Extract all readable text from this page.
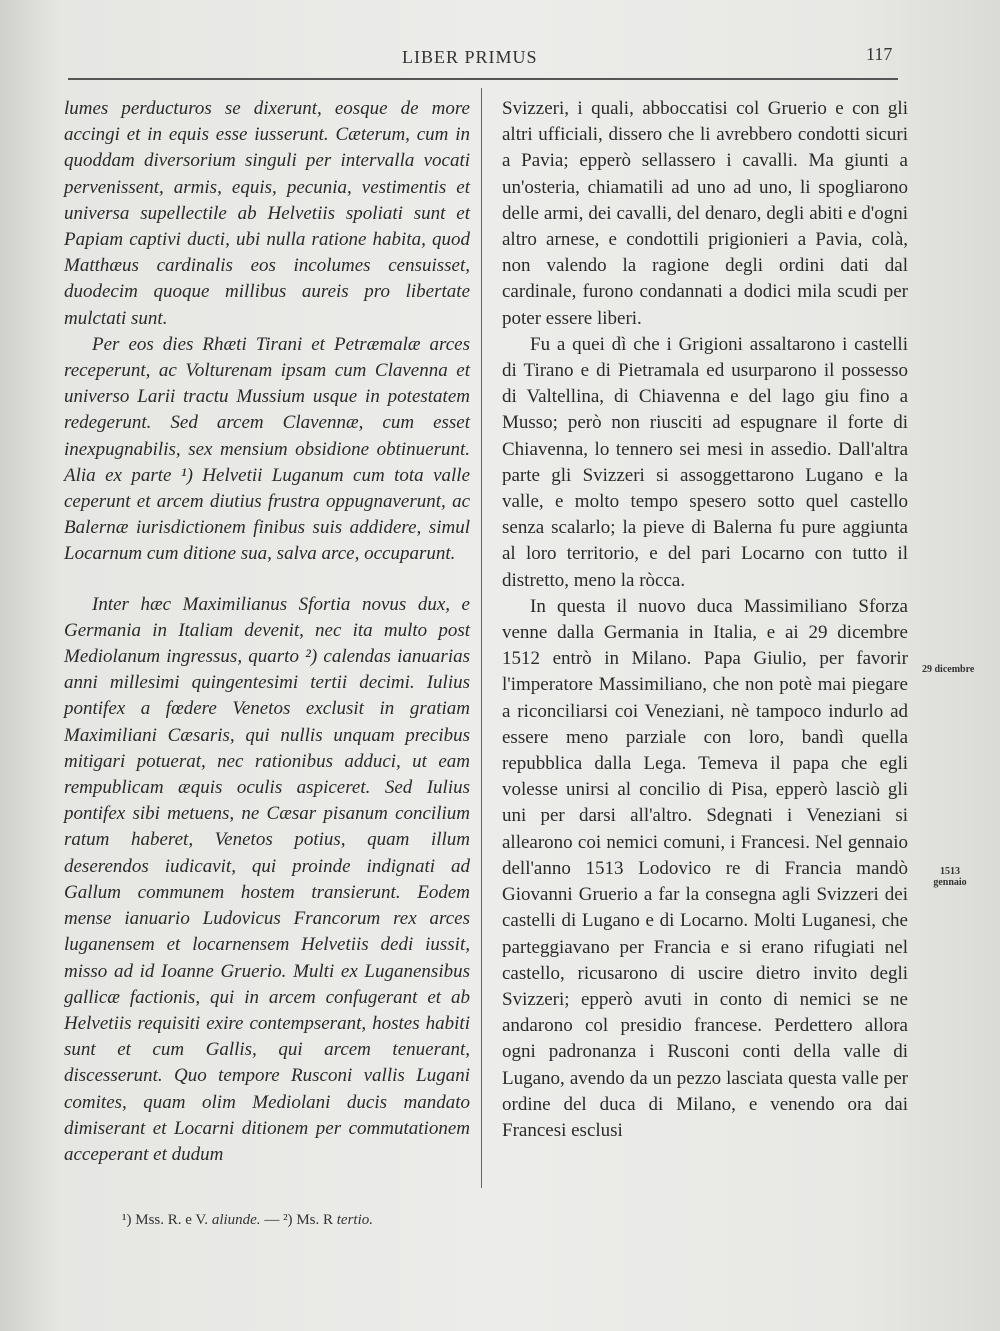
LIBER PRIMUS	117

lumes perducturos se dixerunt, eosque de more accingi et in equis esse iusserunt. Cæterum, cum in quoddam diversorium singuli per intervalla vocati pervenissent, armis, equis, pecunia, vestimentis et universa supellectile ab Helvetiis spoliati sunt et Papiam captivi ducti, ubi nulla ratione habita, quod Matthæus cardinalis eos incolumes censuisset, duodecim quoque millibus aureis pro libertate mulctati sunt.

Per eos dies Rhæti Tirani et Petræmalæ arces receperunt, ac Volturenam ipsam cum Clavenna et universo Larii tractu Mussium usque in potestatem redegerunt. Sed arcem Clavennæ, cum esset inexpugnabilis, sex mensium obsidione obtinuerunt. Alia ex parte ¹) Helvetii Luganum cum tota valle ceperunt et arcem diutius frustra oppugnaverunt, ac Balernæ iurisdictionem finibus suis addidere, simul Locarnum cum ditione sua, salva arce, occuparunt.

Inter hæc Maximilianus Sfortia novus dux, e Germania in Italiam devenit, nec ita multo post Mediolanum ingressus, quarto ²) calendas ianuarias anni millesimi quingentesimi tertii decimi. Iulius pontifex a fœdere Venetos exclusit in gratiam Maximiliani Cæsaris, qui nullis unquam precibus mitigari potuerat, nec rationibus adduci, ut eam rempublicam æquis oculis aspiceret. Sed Iulius pontifex sibi metuens, ne Cæsar pisanum concilium ratum haberet, Venetos potius, quam illum deserendos iudicavit, qui proinde indignati ad Gallum communem hostem transierunt. Eodem mense ianuario Ludovicus Francorum rex arces luganensem et locarnensem Helvetiis dedi iussit, misso ad id Ioanne Gruerio. Multi ex Luganensibus gallicæ factionis, qui in arcem confugerant et ab Helvetiis requisiti exire contempserant, hostes habiti sunt et cum Gallis, qui arcem tenuerant, discesserunt. Quo tempore Rusconi vallis Lugani comites, quam olim Mediolani ducis mandato dimiserant et Locarni ditionem per commutationem acceperant et dudum

Svizzeri, i quali, abboccatisi col Gruerio e con gli altri ufficiali, dissero che li avrebbero condotti sicuri a Pavia; epperò sellassero i cavalli. Ma giunti a un'osteria, chiamatili ad uno ad uno, li spogliarono delle armi, dei cavalli, del denaro, degli abiti e d'ogni altro arnese, e condottili prigionieri a Pavia, colà, non valendo la ragione degli ordini dati dal cardinale, furono condannati a dodici mila scudi per poter essere liberi.

Fu a quei dì che i Grigioni assaltarono i castelli di Tirano e di Pietramala ed usurparono il possesso di Valtellina, di Chiavenna e del lago giu fino a Musso; però non riusciti ad espugnare il forte di Chiavenna, lo tennero sei mesi in assedio. Dall'altra parte gli Svizzeri si assoggettarono Lugano e la valle, e molto tempo spesero sotto quel castello senza scalarlo; la pieve di Balerna fu pure aggiunta al loro territorio, e del pari Locarno con tutto il distretto, meno la ròcca.

In questa il nuovo duca Massimiliano Sforza venne dalla Germania in Italia, e ai 29 dicembre 1512 entrò in Milano. Papa Giulio, per favorir l'imperatore Massimiliano, che non potè mai piegare a riconciliarsi coi Veneziani, nè tampoco indurlo ad essere meno parziale con loro, bandì quella repubblica dalla Lega. Temeva il papa che egli volesse unirsi al concilio di Pisa, epperò lasciò gli uni per darsi all'altro. Sdegnati i Veneziani si allearono coi nemici comuni, i Francesi. Nel gennaio dell'anno 1513 Lodovico re di Francia mandò Giovanni Gruerio a far la consegna agli Svizzeri dei castelli di Lugano e di Locarno. Molti Luganesi, che parteggiavano per Francia e si erano rifugiati nel castello, ricusarono di uscire dietro invito degli Svizzeri; epperò avuti in conto di nemici se ne andarono col presidio francese. Perdettero allora ogni padronanza i Rusconi conti della valle di Lugano, avendo da un pezzo lasciata questa valle per ordine del duca di Milano, e venendo ora dai Francesi esclusi

29 dicembre
1513
gennaio
¹) Mss. R. e V. aliunde. — ²) Ms. R tertio.
